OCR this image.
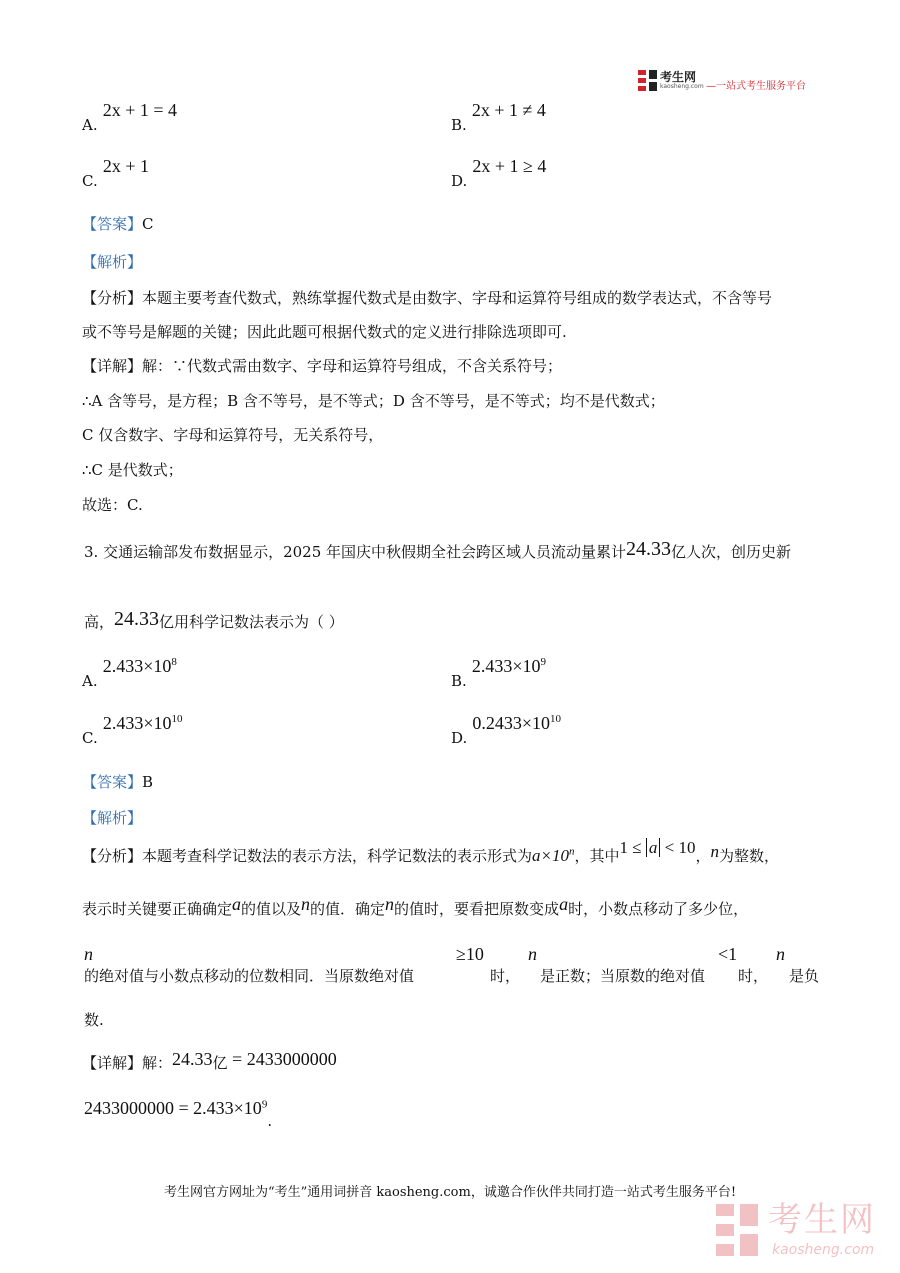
考生网
kaosheng.com —一站式考生服务平台
A. 2x + 1 = 4
B. 2x + 1 ≠ 4
C. 2x + 1
D. 2x + 1 ≥ 4
【答案】C
【解析】
【分析】本题主要考查代数式，熟练掌握代数式是由数字、字母和运算符号组成的数学表达式，不含等号
或不等号是解题的关键；因此此题可根据代数式的定义进行排除选项即可.
【详解】解：∵代数式需由数字、字母和运算符号组成，不含关系符号；
∴A 含等号，是方程；B 含不等号，是不等式；D 含不等号，是不等式；均不是代数式；
C 仅含数字、字母和运算符号，无关系符号，
∴C 是代数式；
故选：C.
3. 交通运输部发布数据显示，2025 年国庆中秋假期全社会跨区域人员流动量累计24.33亿人次，创历史新
高，24.33亿用科学记数法表示为（ ）
A. $2.433\times 10^8$
B. $2.433\times 10^9$
C. $2.433\times 10^{10}$
D. $0.2433\times 10^{10}$
【答案】B
【解析】
【分析】本题考查科学记数法的表示方法，科学记数法的表示形式为$a\times 10^n$，其中1 ≤ a < 10，n为整数，
表示时关键要正确确定a的值以及n的值．确定n的值时，要看把原数变成a时，小数点移动了多少位，
n
的绝对值与小数点移动的位数相同．当原数绝对值
≥10
时，
n
是正数；当原数的绝对值
<1
时，
n
是负
数.
【详解】解：24.33亿 = 2433000000
$2433000000 = 2.433\times 10^9$.
考生网官方网址为“考生”通用词拼音 kaosheng.com，诚邀合作伙伴共同打造一站式考生服务平台!
考生网
kaosheng.com
